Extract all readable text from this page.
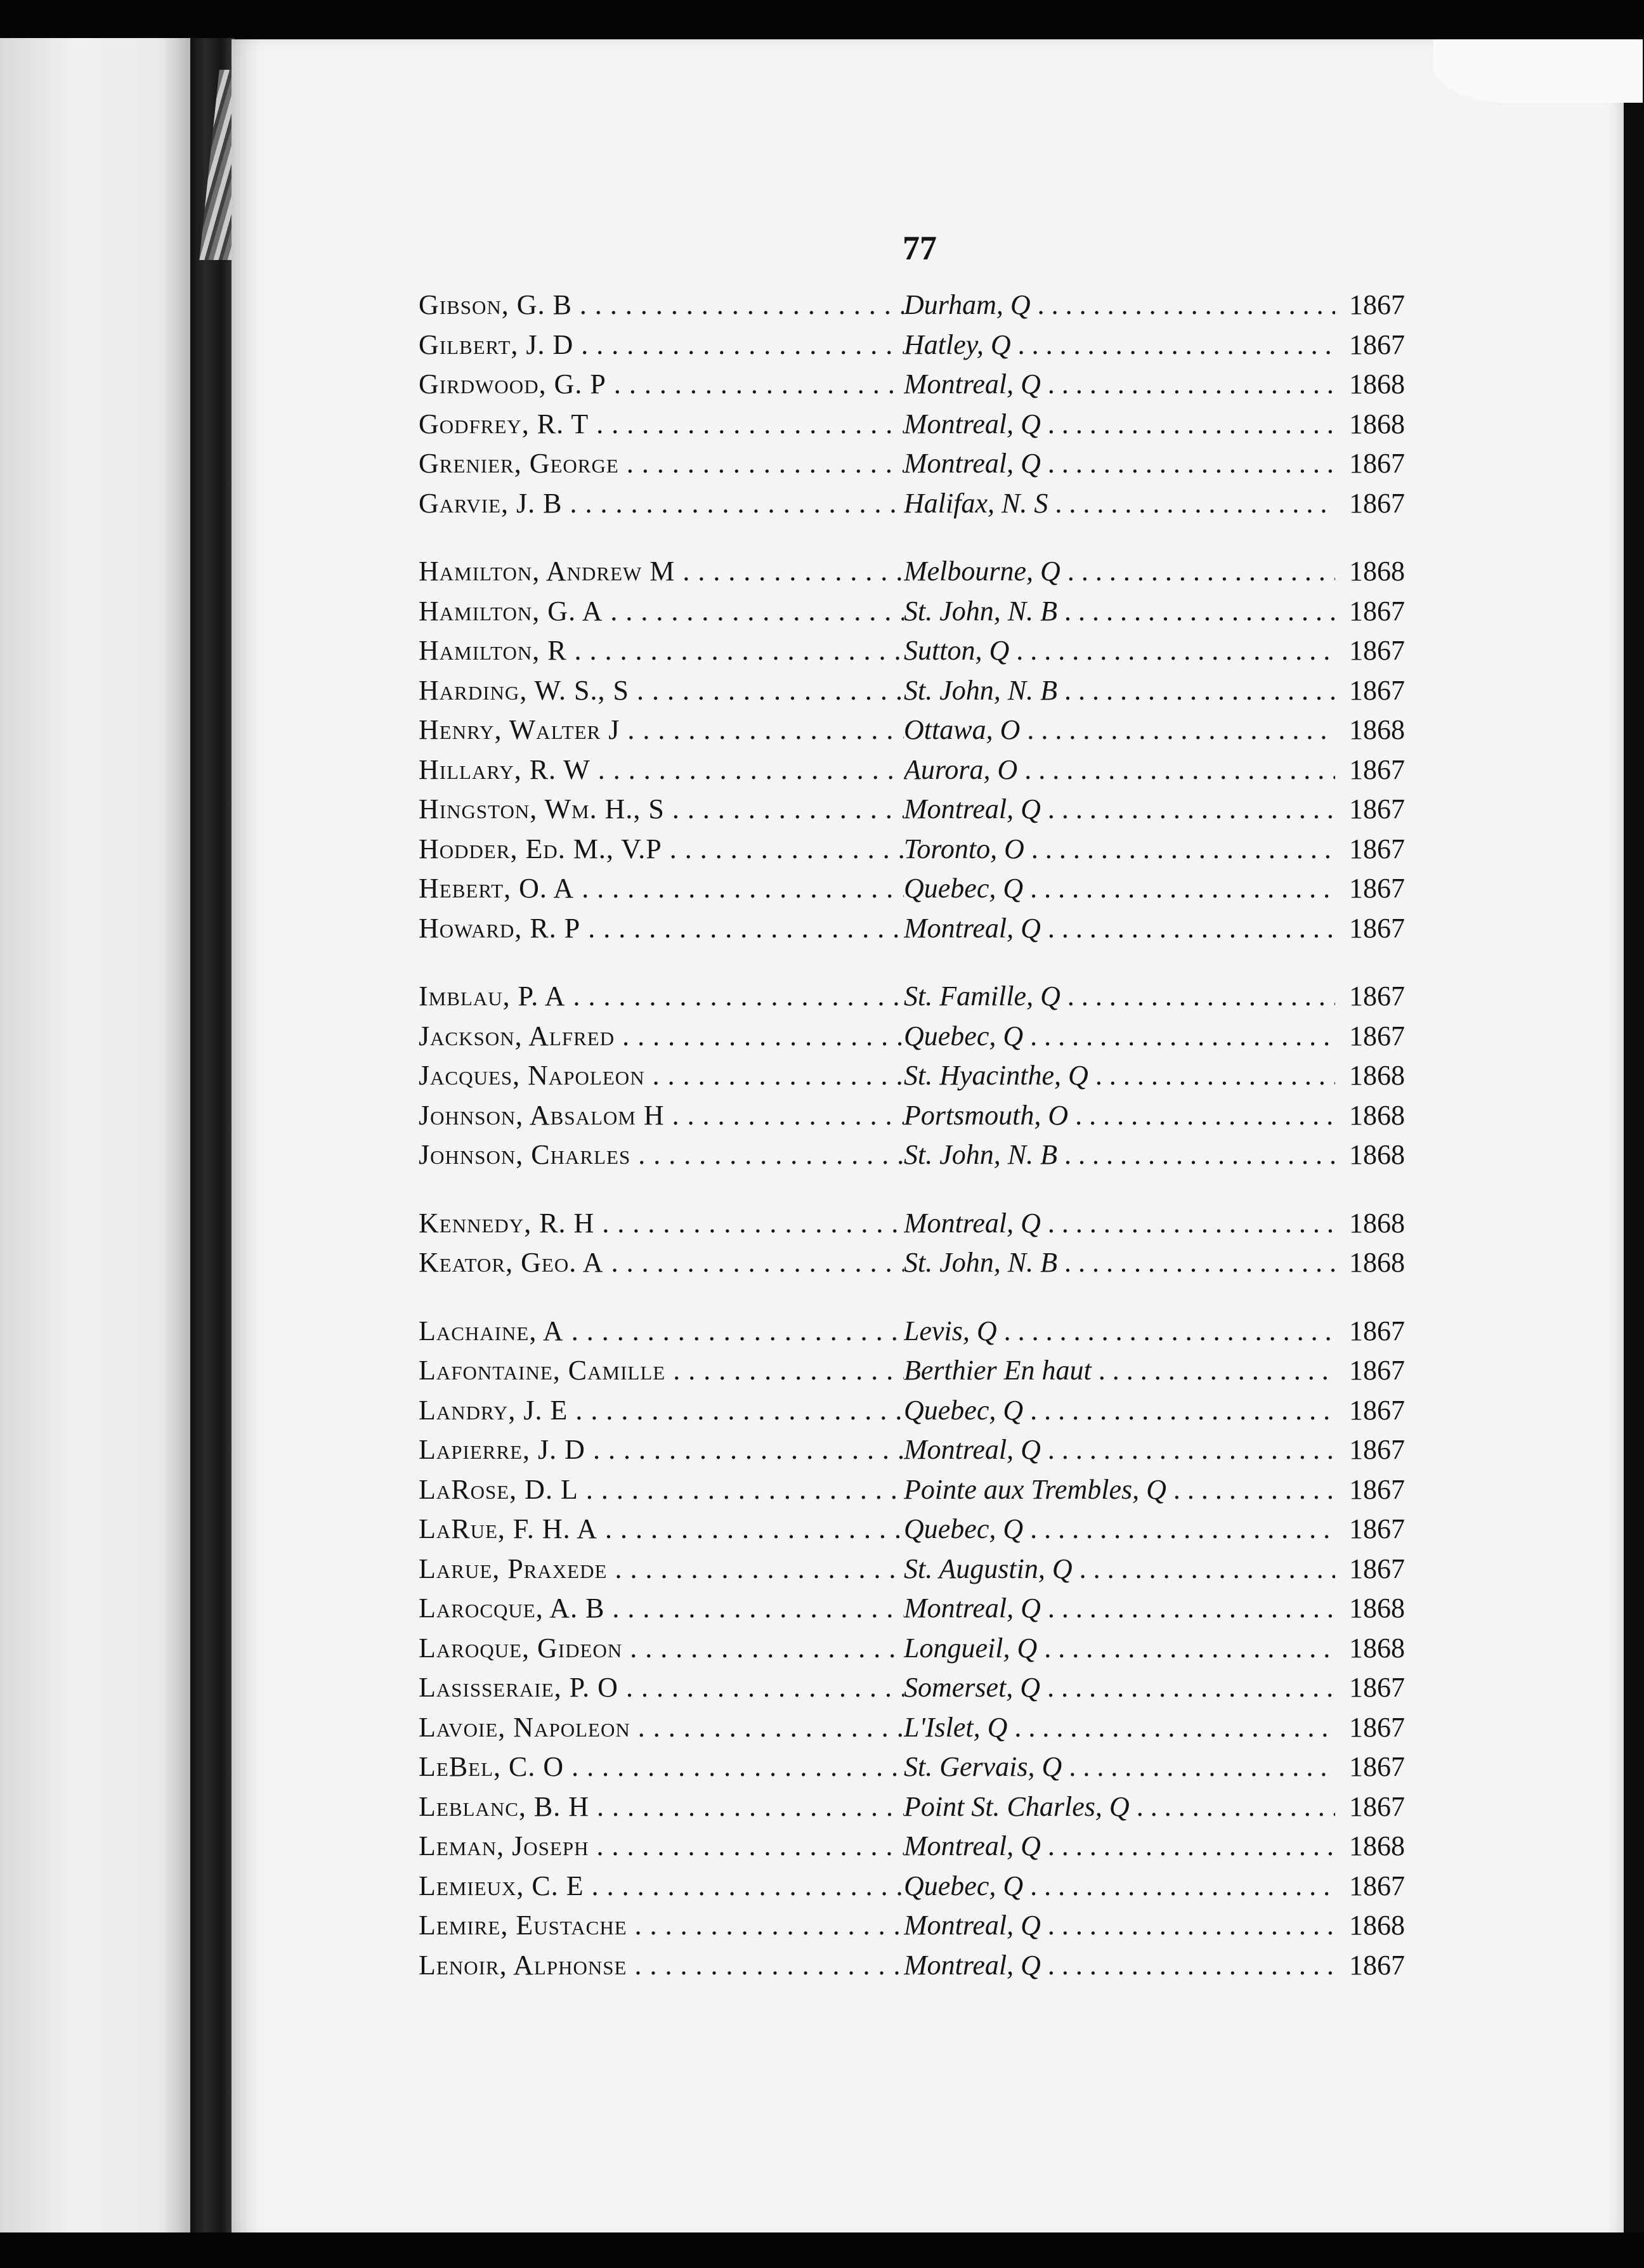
77
Gibson, G. B . . .	Durham, Q . . .	1867
Gilbert, J. D . . .	Hatley, Q . . .	1867
Girdwood, G. P . . .	Montreal, Q . . .	1868
Godfrey, R. T . . .	Montreal, Q . . .	1868
Grenier, George . . .	Montreal, Q . . .	1867
Garvie, J. B . . .	Halifax, N. S . . .	1867
Hamilton, Andrew M . . .	Melbourne, Q . . .	1868
Hamilton, G. A . . .	St. John, N. B . . .	1867
Hamilton, R . . .	Sutton, Q . . .	1867
Harding, W. S., S . . .	St. John, N. B . . .	1867
Henry, Walter J . . .	Ottawa, O . . .	1868
Hillary, R. W . . .	Aurora, O . . .	1867
Hingston, Wm. H., S . . .	Montreal, Q . . .	1867
Hodder, Ed. M., V.P . . .	Toronto, O . . .	1867
Hebert, O. A . . .	Quebec, Q . . .	1867
Howard, R. P . . .	Montreal, Q . . .	1867
Imblau, P. A . . .	St. Famille, Q . . .	1867
Jackson, Alfred . . .	Quebec, Q . . .	1867
Jacques, Napoleon . . .	St. Hyacinthe, Q . . .	1868
Johnson, Absalom H . . .	Portsmouth, O . . .	1868
Johnson, Charles . . .	St. John, N. B . . .	1868
Kennedy, R. H . . .	Montreal, Q . . .	1868
Keator, Geo. A . . .	St. John, N. B . . .	1868
Lachaine, A . . .	Levis, Q . . .	1867
Lafontaine, Camille . . .	Berthier En haut . . .	1867
Landry, J. E . . .	Quebec, Q . . .	1867
Lapierre, J. D . . .	Montreal, Q . . .	1867
LaRose, D. L . . .	Pointe aux Trembles, Q . . .	1867
LaRue, F. H. A . . .	Quebec, Q . . .	1867
Larue, Praxede . . .	St. Augustin, Q . . .	1867
Larocque, A. B . . .	Montreal, Q . . .	1868
Laroque, Gideon . . .	Longueil, Q . . .	1868
Lasisseraie, P. O . . .	Somerset, Q . . .	1867
Lavoie, Napoleon . . .	L'Islet, Q . . .	1867
LeBel, C. O . . .	St. Gervais, Q . . .	1867
Leblanc, B. H . . .	Point St. Charles, Q . . .	1867
Leman, Joseph . . .	Montreal, Q . . .	1868
Lemieux, C. E . . .	Quebec, Q . . .	1867
Lemire, Eustache . . .	Montreal, Q . . .	1868
Lenoir, Alphonse . . .	Montreal, Q . . .	1867
